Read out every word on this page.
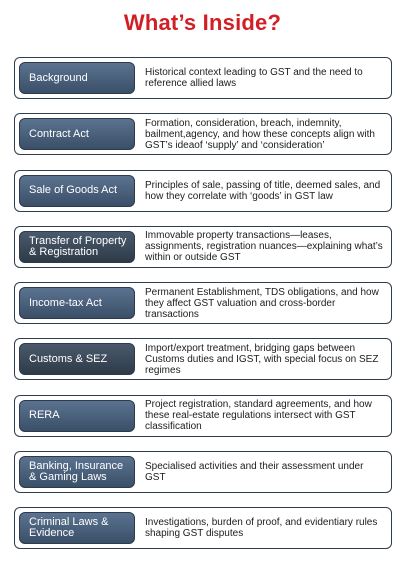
What’s Inside?
Background	Historical context leading to GST and the need to reference allied laws
Contract Act
Formation, consideration, breach, indemnity, bailment,agency, and how these concepts align with GST’s ideaof ‘supply’ and ‘consideration’
Sale of Goods Act	Principles of sale, passing of title, deemed sales, and how they correlate with ‘goods’ in GST law
Transfer of Property & Registration
Immovable property transactions—leases, assignments, registration nuances—explaining what’s within or outside GST
Income-tax Act
Permanent Establishment, TDS obligations, and how they affect GST valuation and cross-border transactions
Customs & SEZ
Import/export treatment, bridging gaps between Customs duties and IGST, with special focus on SEZ regimes
RERA
Project registration, standard agreements, and how these real-estate regulations intersect with GST classification
Banking, Insurance & Gaming Laws
Specialised activities and their assessment under GST
Criminal Laws & Evidence
Investigations, burden of proof, and evidentiary rules shaping GST disputes
